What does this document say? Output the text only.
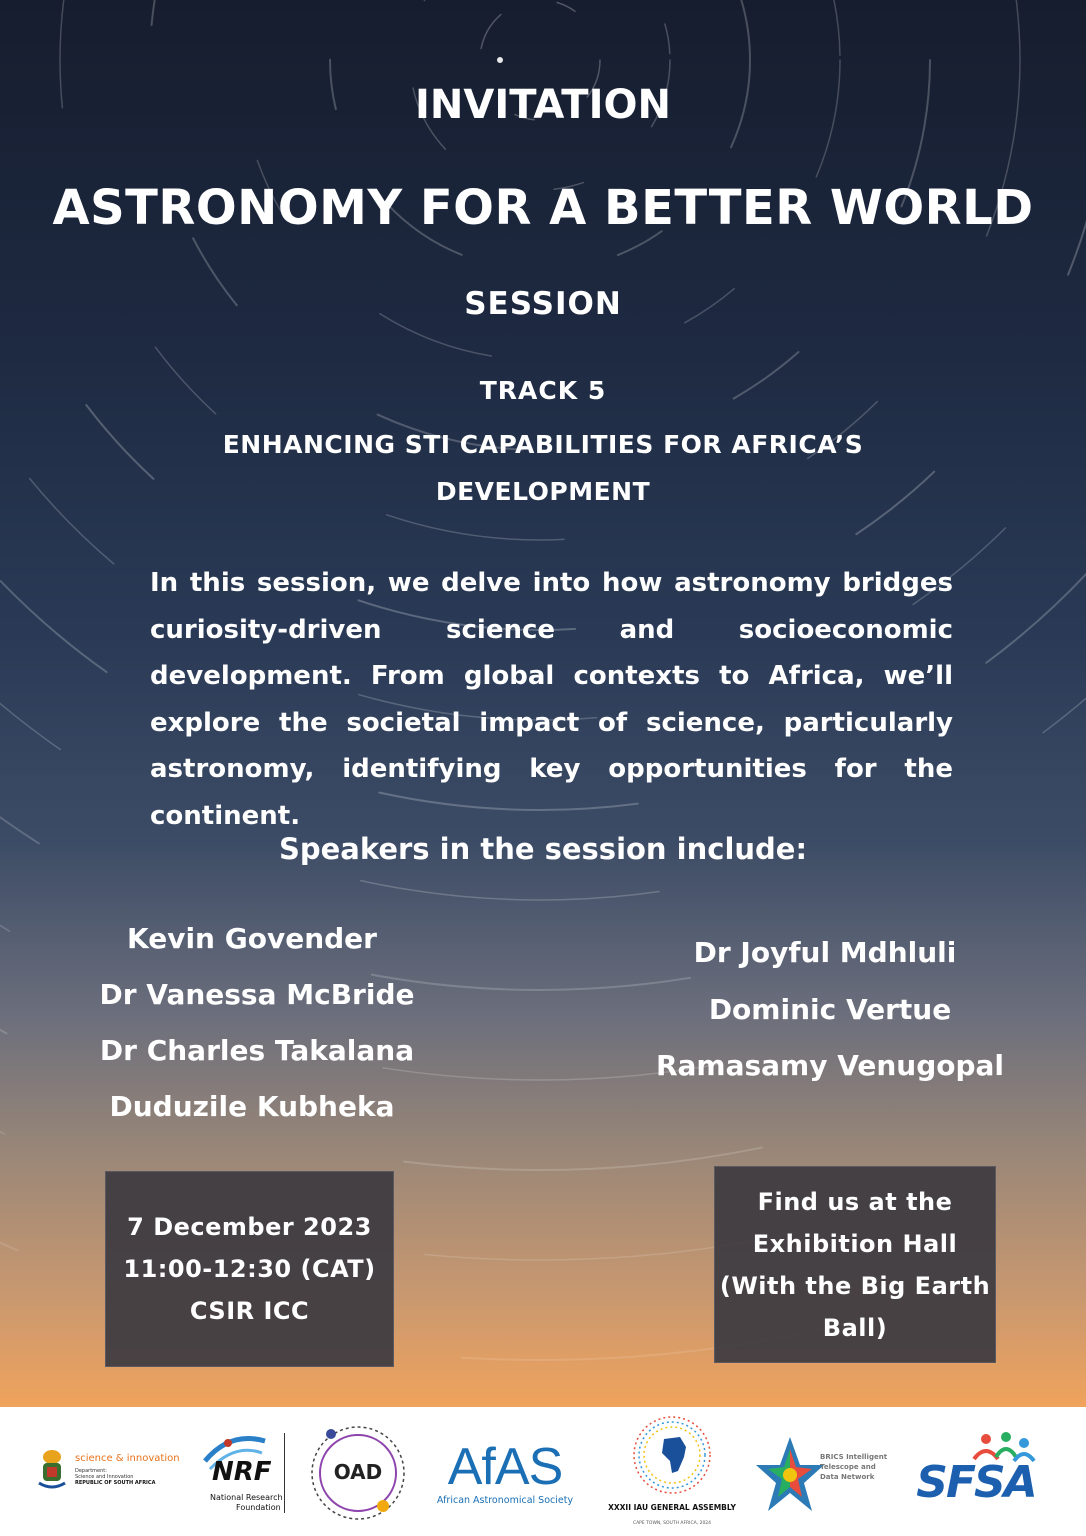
INVITATION
ASTRONOMY FOR A BETTER WORLD
SESSION
TRACK 5
ENHANCING STI CAPABILITIES FOR AFRICA’S DEVELOPMENT
In this session, we delve into how astronomy bridges curiosity-driven science and socioeconomic development. From global contexts to Africa, we’ll explore the societal impact of science, particularly astronomy, identifying key opportunities for the continent.
Speakers in the session include:
Kevin Govender
Dr Vanessa McBride
Dr Charles Takalana
Duduzile Kubheka
Dr Joyful Mdhluli
Dominic Vertue
Ramasamy Venugopal
7 December 2023
11:00-12:30 (CAT)
CSIR ICC
Find us at the
Exhibition Hall
(With the Big Earth
Ball)
science & innovation
Department:
Science and Innovation
REPUBLIC OF SOUTH AFRICA NRF
National Research
Foundation
OAD	AfAS
African Astronomical Society
XXXII IAU GENERAL ASSEMBLY
CAPE TOWN, SOUTH AFRICA, 2024
BRICS Intelligent
Telescope and
Data Network SFSA
